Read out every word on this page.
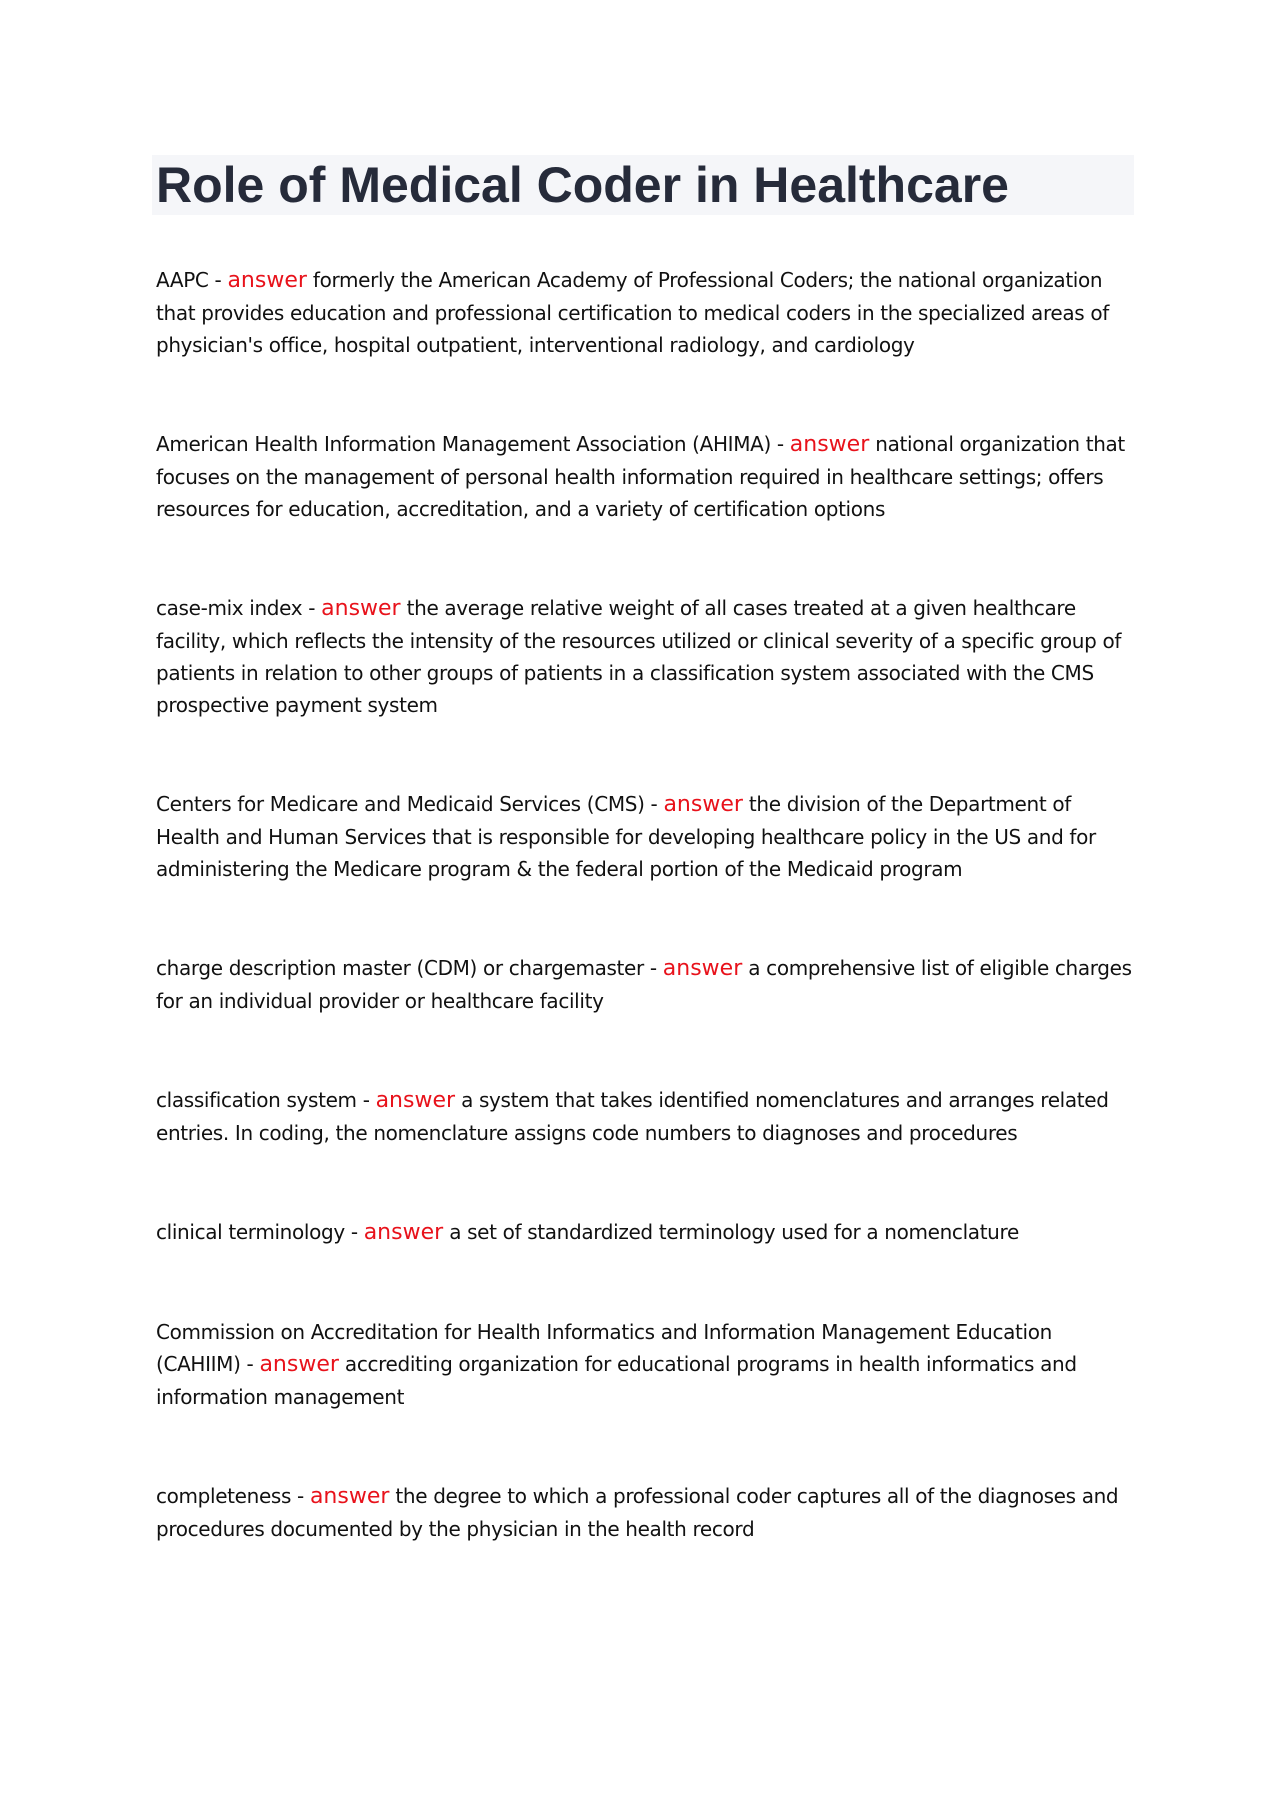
Role of Medical Coder in Healthcare

AAPC - answer formerly the American Academy of Professional Coders; the national organization that provides education and professional certification to medical coders in the specialized areas of physician's office, hospital outpatient, interventional radiology, and cardiology

American Health Information Management Association (AHIMA) - answer national organization that focuses on the management of personal health information required in healthcare settings; offers resources for education, accreditation, and a variety of certification options

case-mix index - answer the average relative weight of all cases treated at a given healthcare facility, which reflects the intensity of the resources utilized or clinical severity of a specific group of patients in relation to other groups of patients in a classification system associated with the CMS prospective payment system

Centers for Medicare and Medicaid Services (CMS) - answer the division of the Department of Health and Human Services that is responsible for developing healthcare policy in the US and for administering the Medicare program & the federal portion of the Medicaid program

charge description master (CDM) or chargemaster - answer a comprehensive list of eligible charges for an individual provider or healthcare facility

classification system - answer a system that takes identified nomenclatures and arranges related entries. In coding, the nomenclature assigns code numbers to diagnoses and procedures

clinical terminology - answer a set of standardized terminology used for a nomenclature

Commission on Accreditation for Health Informatics and Information Management Education (CAHIIM) - answer accrediting organization for educational programs in health informatics and information management

completeness - answer the degree to which a professional coder captures all of the diagnoses and procedures documented by the physician in the health record
